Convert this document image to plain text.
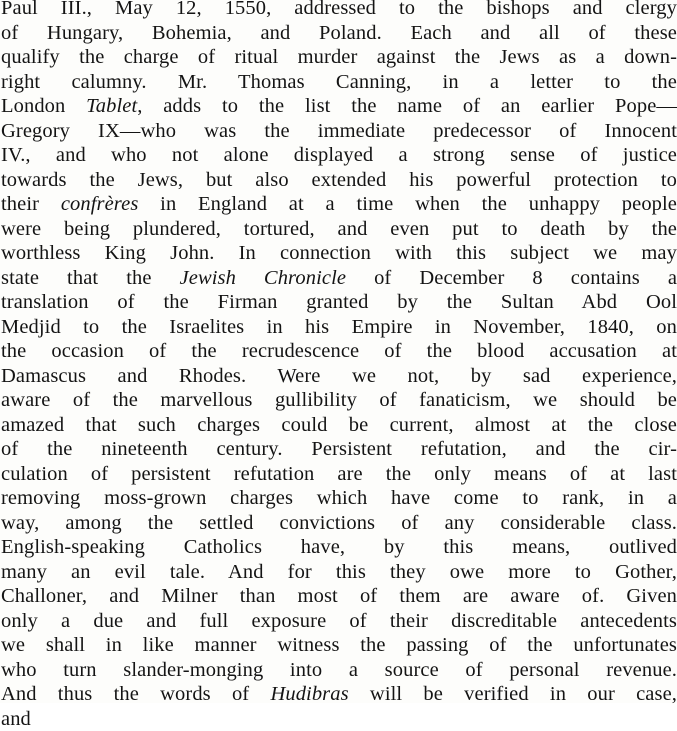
Paul III., May 12, 1550, addressed to the bishops and clergy
of Hungary, Bohemia, and Poland. Each and all of these
qualify the charge of ritual murder against the Jews as a down-
right calumny. Mr. Thomas Canning, in a letter to the
London Tablet, adds to the list the name of an earlier Pope—
Gregory IX—who was the immediate predecessor of Innocent
IV., and who not alone displayed a strong sense of justice
towards the Jews, but also extended his powerful protection to
their confrères in England at a time when the unhappy people
were being plundered, tortured, and even put to death by the
worthless King John. In connection with this subject we may
state that the Jewish Chronicle of December 8 contains a
translation of the Firman granted by the Sultan Abd Ool
Medjid to the Israelites in his Empire in November, 1840, on
the occasion of the recrudescence of the blood accusation at
Damascus and Rhodes. Were we not, by sad experience,
aware of the marvellous gullibility of fanaticism, we should be
amazed that such charges could be current, almost at the close
of the nineteenth century. Persistent refutation, and the cir-
culation of persistent refutation are the only means of at last
removing moss-grown charges which have come to rank, in a
way, among the settled convictions of any considerable class.
English-speaking Catholics have, by this means, outlived
many an evil tale. And for this they owe more to Gother,
Challoner, and Milner than most of them are aware of. Given
only a due and full exposure of their discreditable antecedents
we shall in like manner witness the passing of the unfortunates
who turn slander-monging into a source of personal revenue.
And thus the words of Hudibras will be verified in our case,
and
